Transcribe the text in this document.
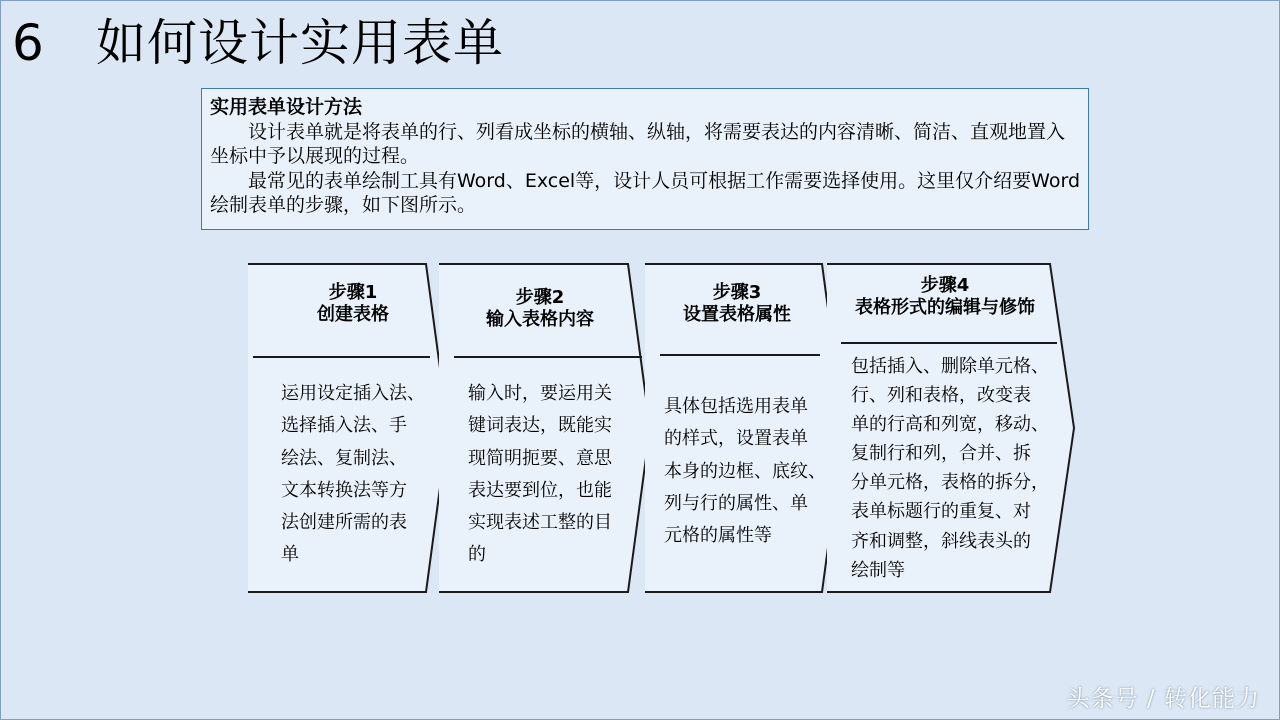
6 如何设计实用表单
实用表单设计方法

设计表单就是将表单的行、列看成坐标的横轴、纵轴，将需要表达的内容清晰、简洁、直观地置入坐标中予以展现的过程。

最常见的表单绘制工具有Word、Excel等，设计人员可根据工作需要选择使用。这里仅介绍要Word绘制表单的步骤，如下图所示。

步骤1
创建表格
步骤2
输入表格内容
步骤3
设置表格属性
步骤4
表格形式的编辑与修饰
运用设定插入法、
选择插入法、手
绘法、复制法、
文本转换法等方
法创建所需的表
单
输入时，要运用关
键词表达，既能实
现简明扼要、意思
表达要到位，也能
实现表述工整的目
的
具体包括选用表单
的样式，设置表单
本身的边框、底纹、
列与行的属性、单
元格的属性等
包括插入、删除单元格、
行、列和表格，改变表
单的行高和列宽，移动、
复制行和列，合并、拆
分单元格，表格的拆分，
表单标题行的重复、对
齐和调整，斜线表头的
绘制等
头条号 / 转化能力
